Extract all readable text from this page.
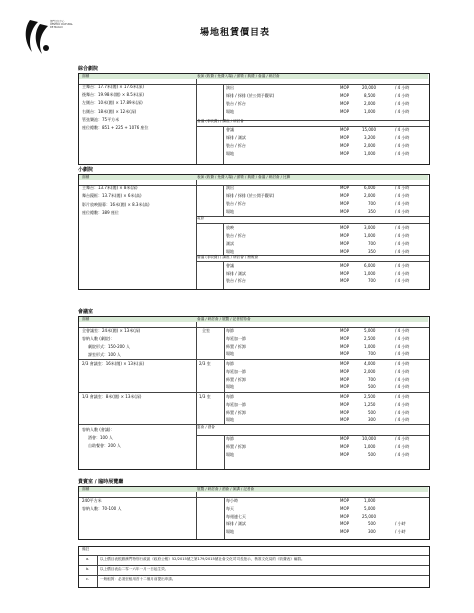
澳門文化中心
CENTRO CULTURAL
DE MACAU
場地租賃價目表
綜合劇院
面積
主舞台：17.7米(闊) × 17.6米(深)
後舞台：19.98米(闊) × 8.5米(深)
左側台：10米(闊) × 17.89米(深)
右側台：18米(闊) × 12米(深)
管弦樂池：75平方米
座位總數：851 + 225 + 1076 座位
表演 (收費 / 免費入場) / 頒獎 / 典禮 / 會議 / 研討會
演出	MOP	20,000	/ 4 小時
綵排 / 採排 (於公開予觀眾)	MOP	8,500	/ 4 小時
裝台 / 拆台	MOP	2,000	/ 4 小時
場地	MOP	1,000	/ 4 小時
會議 (非收費) / 講座 / 研討會
會議	MOP	15,000	/ 4 小時
綵排 / 測試	MOP	3,200	/ 4 小時
裝台 / 拆台	MOP	2,000	/ 4 小時
場地	MOP	1,000	/ 4 小時
小劇院
面積
主舞台：13.7米(闊) × 8米(深)
舞台鏡框：13.7米(闊) × 6米(高)
影片放映銀幕：16米(闊) × 8.3米(高)
座位總數：389 座位
表演 (收費 / 免費入場) / 頒獎 / 典禮 / 會議 / 研討會 / 比賽
演出	MOP	6,000	/ 4 小時
綵排 / 採排 (於公開予觀眾)	MOP	2,000	/ 4 小時
裝台 / 拆台	MOP	700	/ 4 小時
場地	MOP	350	/ 4 小時
電影
放映	MOP	3,000	/ 4 小時
裝台 / 拆台	MOP	1,000	/ 4 小時
測試	MOP	700	/ 4 小時
場地	MOP	350	/ 4 小時
會議 (非收費) / 講座 / 研討會 / 簡報會
會議	MOP	6,000	/ 4 小時
綵排 / 測試	MOP	1,000	/ 4 小時
裝台 / 拆台	MOP	700	/ 4 小時
會議室
面積	會議 / 研討會 / 展覽 / 記者招待會
全會議室：24米(闊) × 13米(深)
容納人數 (劇院)：
劇院形式：150-200 人
課室形式：100 人
2/3 會議室：16米(闊) × 13米(深)
1/3 會議室：8米(闊) × 13米(深)
容納人數 (會議)：
酒會：100 人
自助餐會：200 人
全室
2/3 室
1/3 室
每節	MOP	5,000	/ 4 小時
每延加一節	MOP	2,500	/ 4 小時
佈置 / 拆卸	MOP	1,000	/ 4 小時
場地	MOP	700	/ 4 小時
每節	MOP	4,000	/ 4 小時
每延加一節	MOP	2,000	/ 4 小時
佈置 / 拆卸	MOP	700	/ 4 小時
場地	MOP	500	/ 4 小時
每節	MOP	2,500	/ 4 小時
每延加一節	MOP	1,250	/ 4 小時
佈置 / 拆卸	MOP	500	/ 4 小時
場地	MOP	300	/ 4 小時
宴會 / 酒會
每節	MOP	10,000	/ 4 小時
佈置 / 拆卸	MOP	1,000	/ 4 小時
場地	MOP	500	/ 4 小時
貴賓室 / 臨時展覽廳
面積	展覽 / 研討會 / 酒會 / 演講 / 記者會
240平方米
容納人數：70-100 人
每小時	MOP	1,000
每天	MOP	5,000
每週連七天	MOP	25,000
綵排 / 測試	MOP	500	/ 小時
場地	MOP	300	/ 小時
備註
a.	以上價目表根據澳門特別行政區《政府公報》52/2015號之第179/2015號社會文化司司長批示，核准文化局的《收費表》編寫。
b.	以上價目表由二零一六年一月一日起生效。
c.	一般租賃：必須至租用首十二個月前提出申請。
